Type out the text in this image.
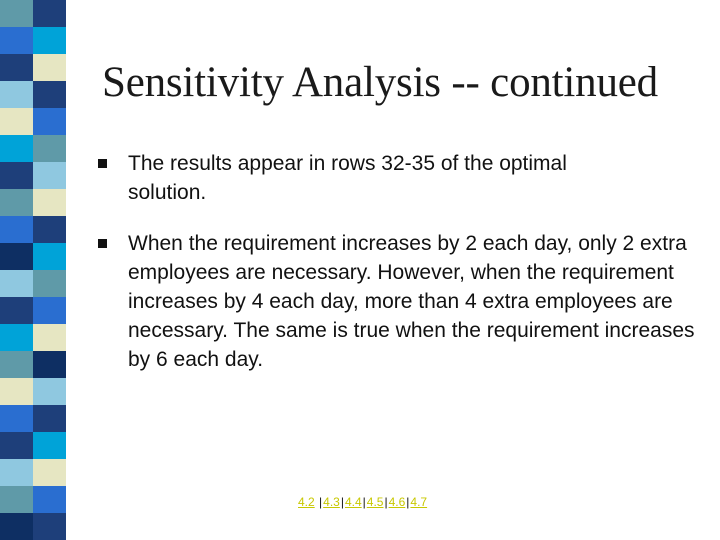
Sensitivity Analysis -- continued
The results appear in rows 32-35 of the optimal solution.
When the requirement increases by 2 each day, only 2 extra employees are necessary. However, when the requirement increases by 4 each day, more than 4 extra employees are necessary. The same is true when the requirement increases by 6 each day.
4.2 |4.3|4.4|4.5|4.6|4.7
